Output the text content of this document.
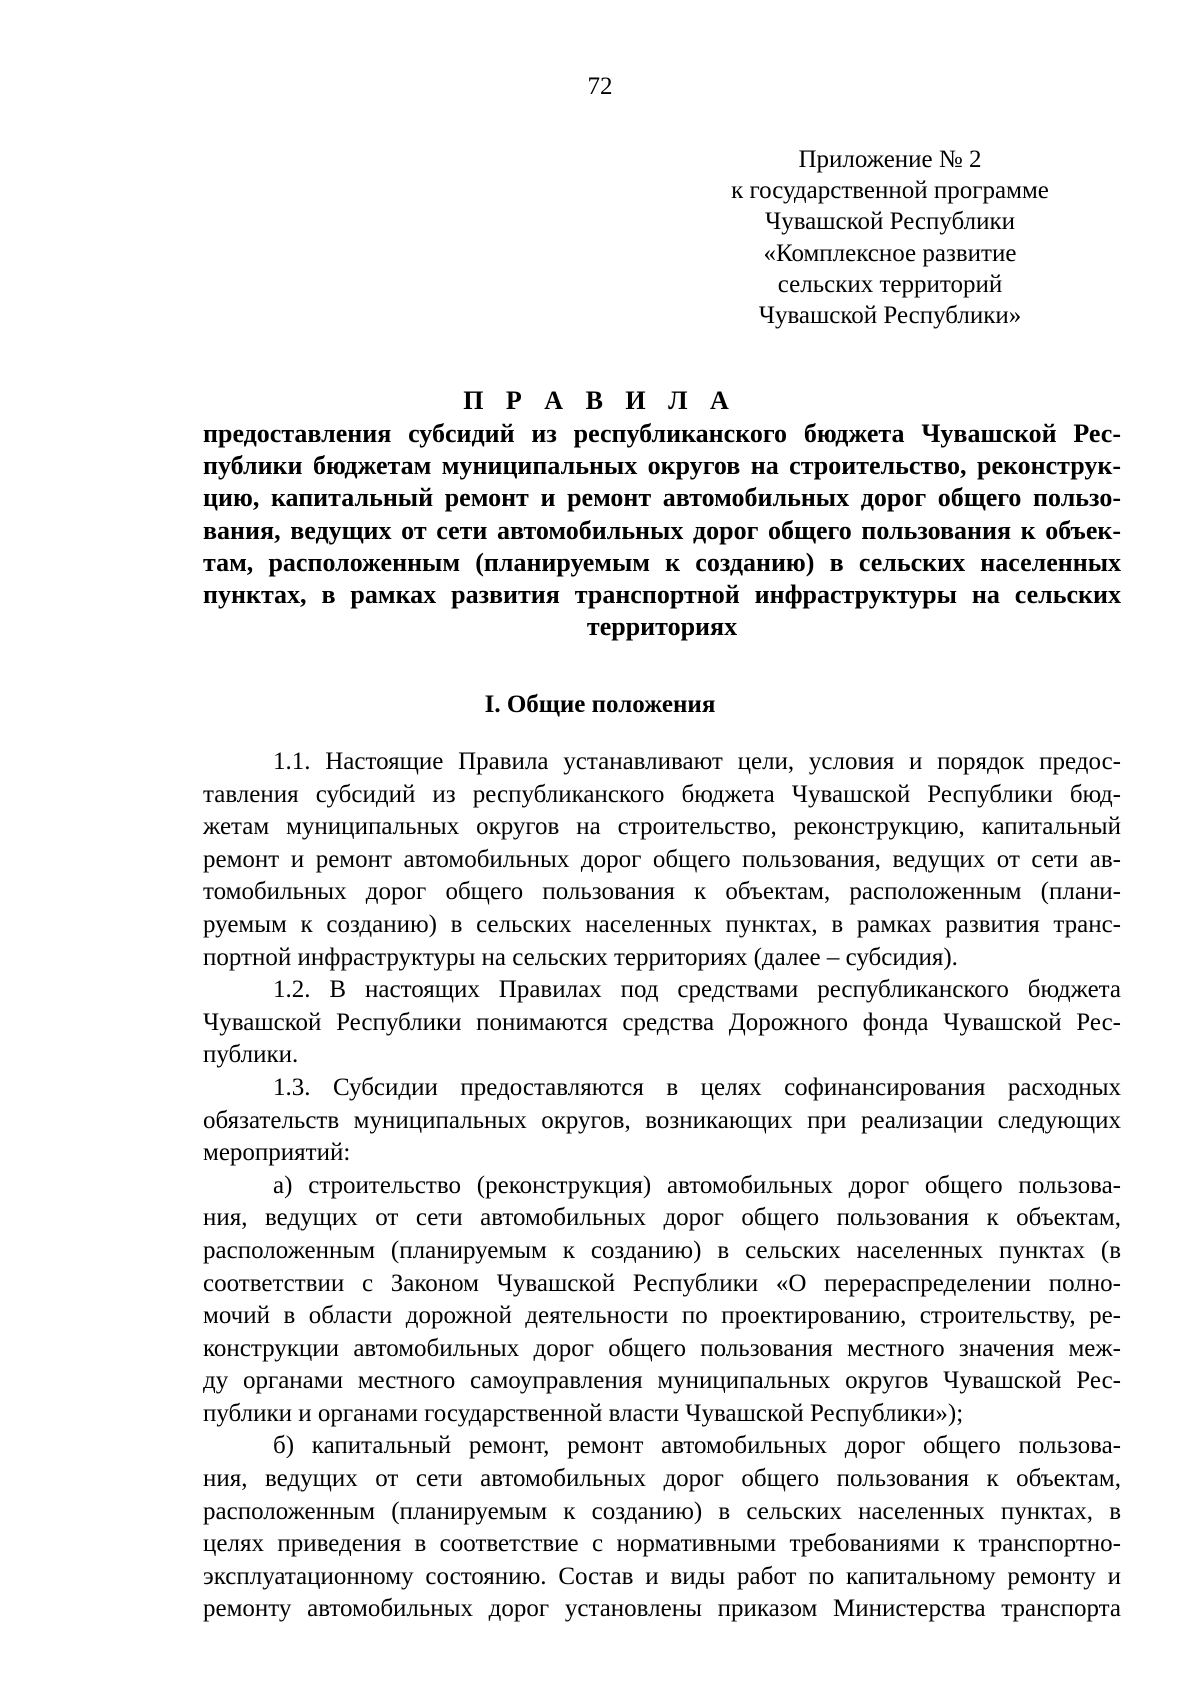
72
Приложение № 2
к государственной программе
Чувашской Республики
«Комплексное развитие
сельских территорий
Чувашской Республики»
П Р А В И Л А
предоставления субсидий из республиканского бюджета Чувашской Рес-
публики бюджетам муниципальных округов на строительство, реконструк-
цию, капитальный ремонт и ремонт автомобильных дорог общего пользо-
вания, ведущих от сети автомобильных дорог общего пользования к объек-
там, расположенным (планируемым к созданию) в сельских населенных
пунктах, в рамках развития транспортной инфраструктуры на сельских
территориях
I. Общие положения
1.1. Настоящие Правила устанавливают цели, условия и порядок предос-
тавления субсидий из республиканского бюджета Чувашской Республики бюд-
жетам муниципальных округов на строительство, реконструкцию, капитальный
ремонт и ремонт автомобильных дорог общего пользования, ведущих от сети ав-
томобильных дорог общего пользования к объектам, расположенным (плани-
руемым к созданию) в сельских населенных пунктах, в рамках развития транс-
портной инфраструктуры на сельских территориях (далее – субсидия).
1.2. В настоящих Правилах под средствами республиканского бюджета
Чувашской Республики понимаются средства Дорожного фонда Чувашской Рес-
публики.
1.3. Субсидии предоставляются в целях софинансирования расходных
обязательств муниципальных округов, возникающих при реализации следующих
мероприятий:
а) строительство (реконструкция) автомобильных дорог общего пользова-
ния, ведущих от сети автомобильных дорог общего пользования к объектам,
расположенным (планируемым к созданию) в сельских населенных пунктах (в
соответствии с Законом Чувашской Республики «О перераспределении полно-
мочий в области дорожной деятельности по проектированию, строительству, ре-
конструкции автомобильных дорог общего пользования местного значения меж-
ду органами местного самоуправления муниципальных округов Чувашской Рес-
публики и органами государственной власти Чувашской Республики»);
б) капитальный ремонт, ремонт автомобильных дорог общего пользова-
ния, ведущих от сети автомобильных дорог общего пользования к объектам,
расположенным (планируемым к созданию) в сельских населенных пунктах, в
целях приведения в соответствие с нормативными требованиями к транспортно-
эксплуатационному состоянию. Состав и виды работ по капитальному ремонту и
ремонту автомобильных дорог установлены приказом Министерства транспорта
